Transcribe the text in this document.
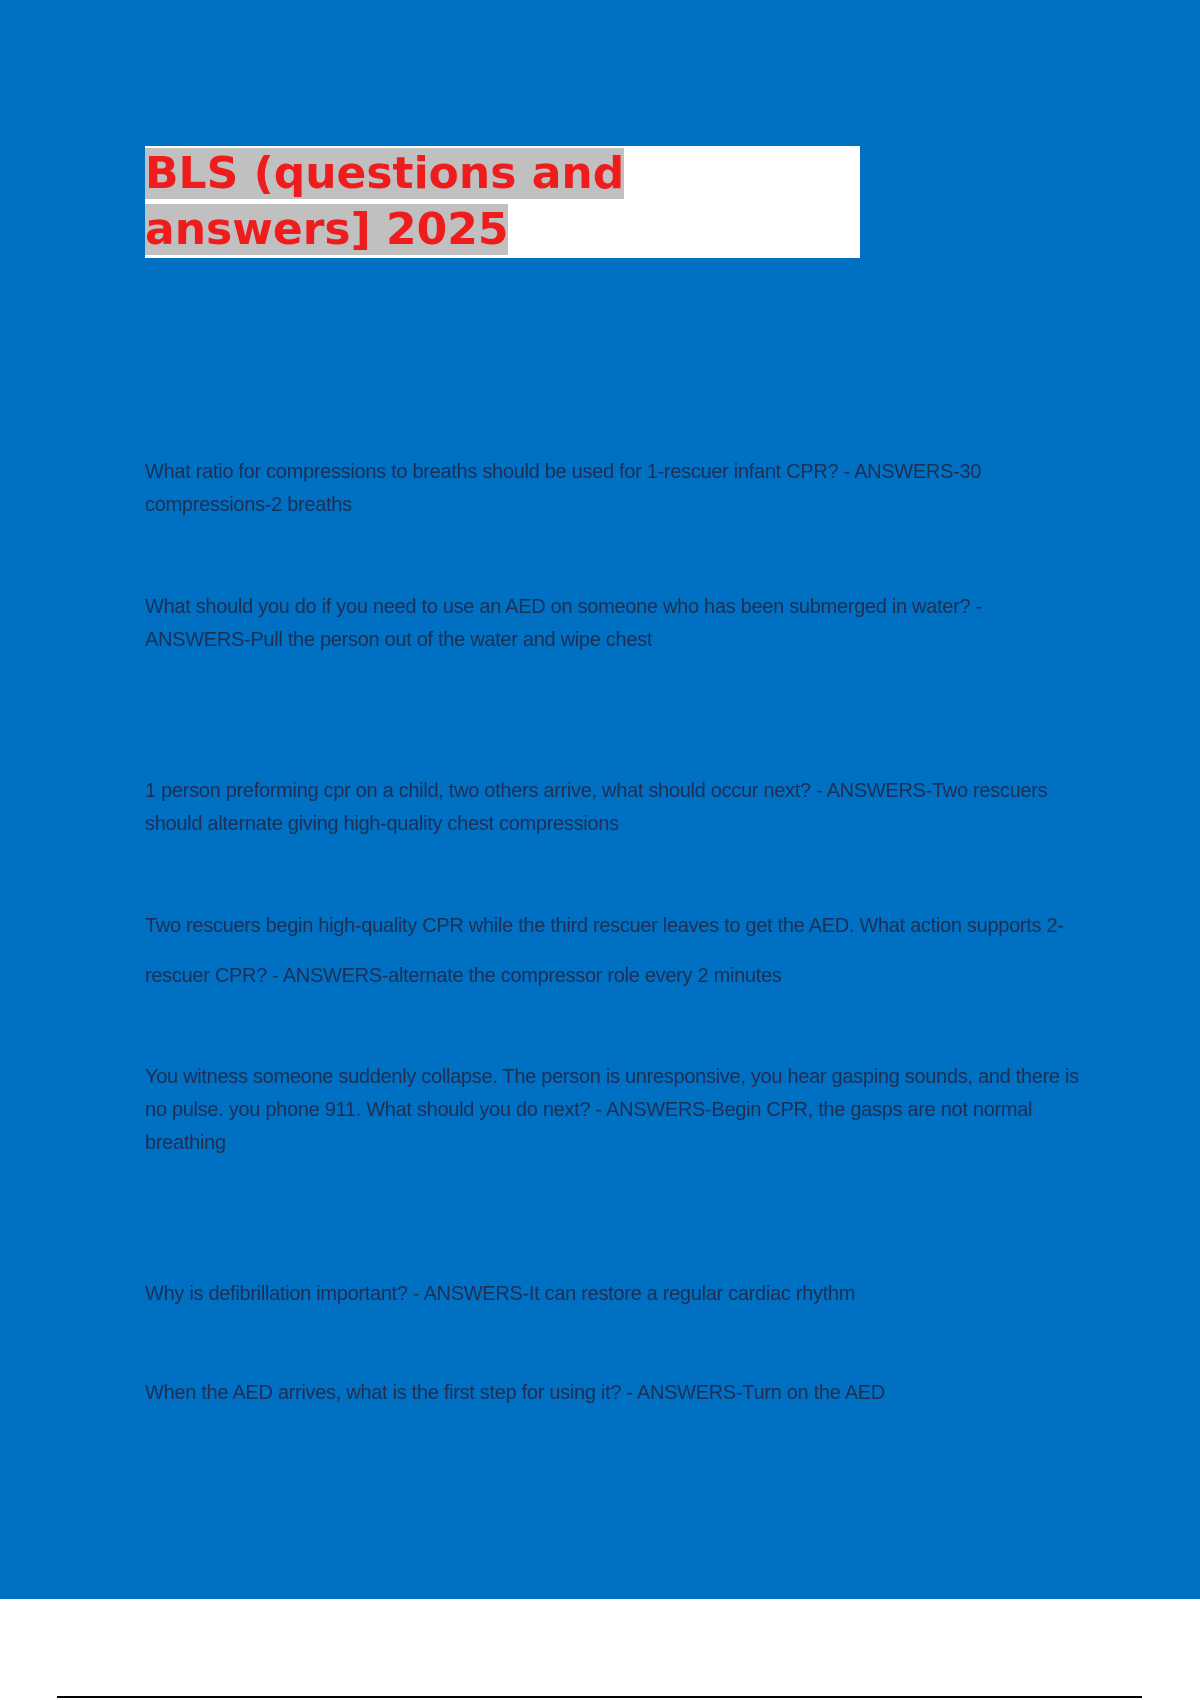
BLS (questions and
answers] 2025

What ratio for compressions to breaths should be used for 1-rescuer infant CPR? - ANSWERS-30 compressions-2 breaths

What should you do if you need to use an AED on someone who has been submerged in water? - ANSWERS-Pull the person out of the water and wipe chest

1 person preforming cpr on a child, two others arrive, what should occur next? - ANSWERS-Two rescuers should alternate giving high-quality chest compressions

Two rescuers begin high-quality CPR while the third rescuer leaves to get the AED. What action supports 2-rescuer CPR? - ANSWERS-alternate the compressor role every 2 minutes

You witness someone suddenly collapse. The person is unresponsive, you hear gasping sounds, and there is no pulse. you phone 911. What should you do next? - ANSWERS-Begin CPR, the gasps are not normal breathing

Why is defibrillation important? - ANSWERS-It can restore a regular cardiac rhythm

When the AED arrives, what is the first step for using it? - ANSWERS-Turn on the AED
